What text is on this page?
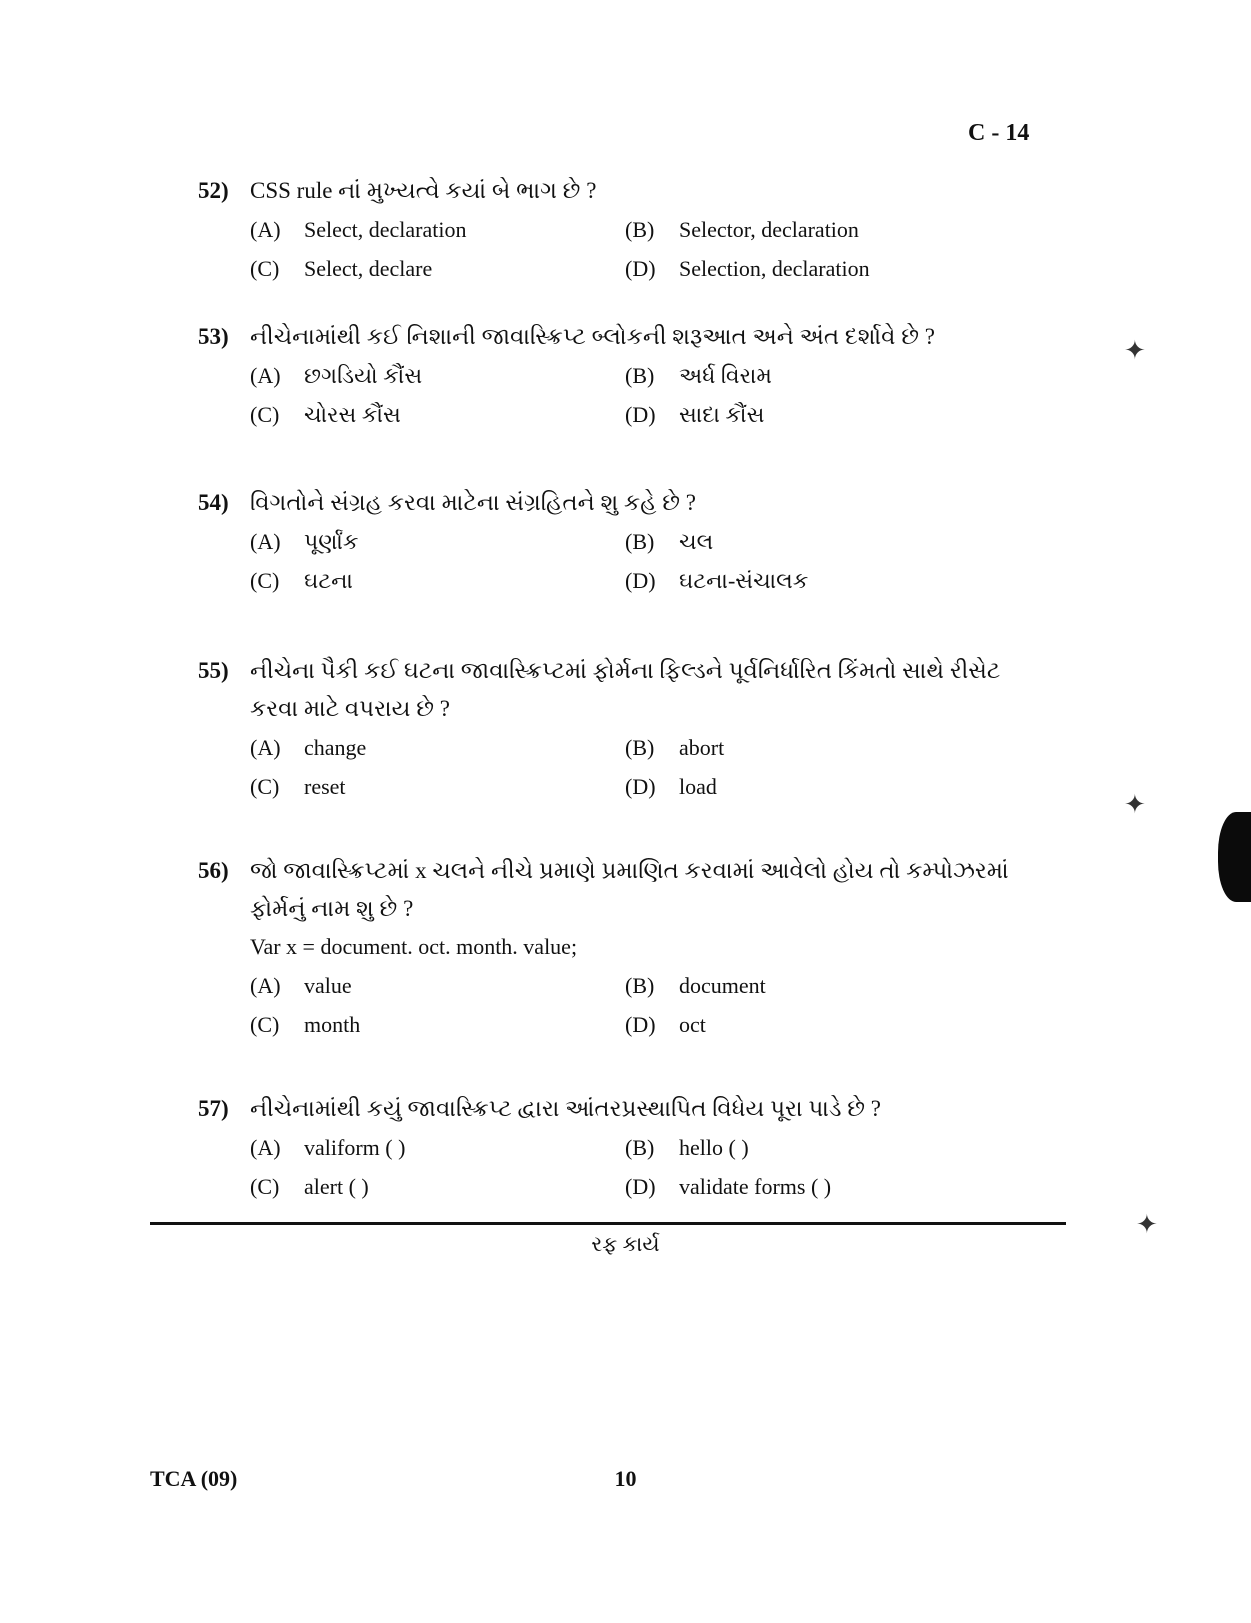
C - 14
52) CSS rule નાં મુખ્યત્વે કયાં બે ભાગ છે ?
(A)	Select, declaration	(B)	Selector, declaration
(C)	Select, declare	(D)	Selection, declaration
53) નીચેનામાંથી કઈ નિશાની જાવાસ્ક્રિપ્ટ બ્લોકની શરૂઆત અને અંત દર્શાવે છે ?
(A)	છગડિયો કૌંસ	(B)	અર્ધ વિરામ
(C)	ચોરસ કૌંસ	(D)	સાદા કૌંસ
54) વિગતોને સંગ્રહ કરવા માટેના સંગ્રહિતને શુ કહે છે ?
(A)	પૂર્ણાંક	(B)	ચલ
(C)	ઘટના	(D)	ઘટના-સંચાલક
55) નીચેના પૈકી કઈ ઘટના જાવાસ્ક્રિપ્ટમાં ફોર્મના ફિલ્ડને પૂર્વનિર્ધારિત કિંમતો સાથે રીસેટ કરવા માટે વપરાય છે ?
(A)	change	(B)	abort
(C)	reset	(D)	load
56) જો જાવાસ્ક્રિપ્ટમાં x ચલને નીચે પ્રમાણે પ્રમાણિત કરવામાં આવેલો હોય તો કમ્પોઝરમાં ફોર્મનું નામ શુ છે ?
Var x = document. oct. month. value;
(A)	value	(B)	document
(C)	month	(D)	oct
57) નીચેનામાંથી કયું જાવાસ્ક્રિપ્ટ દ્વારા આંતરપ્રસ્થાપિત વિધેય પૂરા પાડે છે ?
(A)	valiform ( )	(B)	hello ( )
(C)	alert ( )	(D)	validate forms ( )
રફ કાર્ય
TCA (09)	10
✦
✦
✦
